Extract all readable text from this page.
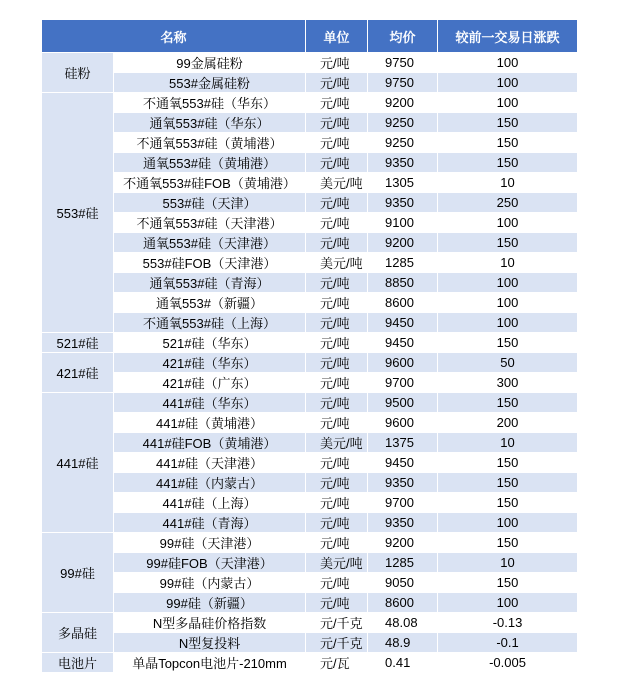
名称		单位	均价	较前一交易日涨跌
硅粉	99金属硅粉	元/吨	9750	100
	553#金属硅粉	元/吨	9750	100
553#硅	不通氧553#硅（华东）	元/吨	9200	100
	通氧553#硅（华东）	元/吨	9250	150
	不通氧553#硅（黄埔港）	元/吨	9250	150
	通氧553#硅（黄埔港）	元/吨	9350	150
	不通氧553#硅FOB（黄埔港）	美元/吨	1305	10
	553#硅（天津）	元/吨	9350	250
	不通氧553#硅（天津港）	元/吨	9100	100
	通氧553#硅（天津港）	元/吨	9200	150
	553#硅FOB（天津港）	美元/吨	1285	10
	通氧553#硅（青海）	元/吨	8850	100
	通氧553#（新疆）	元/吨	8600	100
	不通氧553#硅（上海）	元/吨	9450	100
521#硅	521#硅（华东）	元/吨	9450	150
421#硅	421#硅（华东）	元/吨	9600	50
	421#硅（广东）	元/吨	9700	300
441#硅	441#硅（华东）	元/吨	9500	150
	441#硅（黄埔港）	元/吨	9600	200
	441#硅FOB（黄埔港）	美元/吨	1375	10
	441#硅（天津港）	元/吨	9450	150
	441#硅（内蒙古）	元/吨	9350	150
	441#硅（上海）	元/吨	9700	150
	441#硅（青海）	元/吨	9350	100
99#硅	99#硅（天津港）	元/吨	9200	150
	99#硅FOB（天津港）	美元/吨	1285	10
	99#硅（内蒙古）	元/吨	9050	150
	99#硅（新疆）	元/吨	8600	100
多晶硅	N型多晶硅价格指数	元/千克	48.08	-0.13
	N型复投料	元/千克	48.9	-0.1
电池片	单晶Topcon电池片-210mm	元/瓦	0.41	-0.005
